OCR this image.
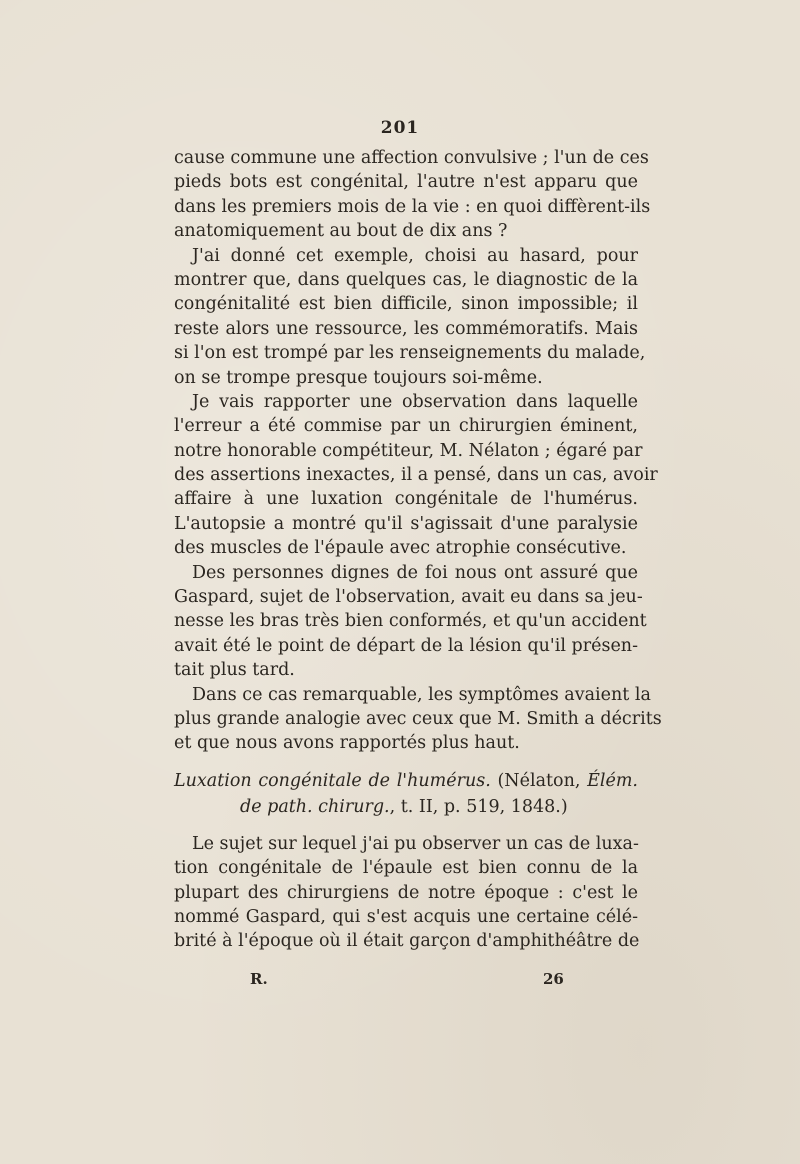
201
cause commune une affection convulsive ; l'un de ces
pieds bots est congénital, l'autre n'est apparu que
dans les premiers mois de la vie : en quoi diffèrent-ils
anatomiquement au bout de dix ans ?
J'ai donné cet exemple, choisi au hasard, pour
montrer que, dans quelques cas, le diagnostic de la
congénitalité est bien difficile, sinon impossible; il
reste alors une ressource, les commémoratifs. Mais
si l'on est trompé par les renseignements du malade,
on se trompe presque toujours soi-même.
Je vais rapporter une observation dans laquelle
l'erreur a été commise par un chirurgien éminent,
notre honorable compétiteur, M. Nélaton ; égaré par
des assertions inexactes, il a pensé, dans un cas, avoir
affaire à une luxation congénitale de l'humérus.
L'autopsie a montré qu'il s'agissait d'une paralysie
des muscles de l'épaule avec atrophie consécutive.
Des personnes dignes de foi nous ont assuré que
Gaspard, sujet de l'observation, avait eu dans sa jeu-
nesse les bras très bien conformés, et qu'un accident
avait été le point de départ de la lésion qu'il présen-
tait plus tard.
Dans ce cas remarquable, les symptômes avaient la
plus grande analogie avec ceux que M. Smith a décrits
et que nous avons rapportés plus haut.
Luxation congénitale de l'humérus. (Nélaton, Élém.
de path. chirurg., t. II, p. 519, 1848.)
Le sujet sur lequel j'ai pu observer un cas de luxa-
tion congénitale de l'épaule est bien connu de la
plupart des chirurgiens de notre époque : c'est le
nommé Gaspard, qui s'est acquis une certaine célé-
brité à l'époque où il était garçon d'amphithéâtre de
R.	26
